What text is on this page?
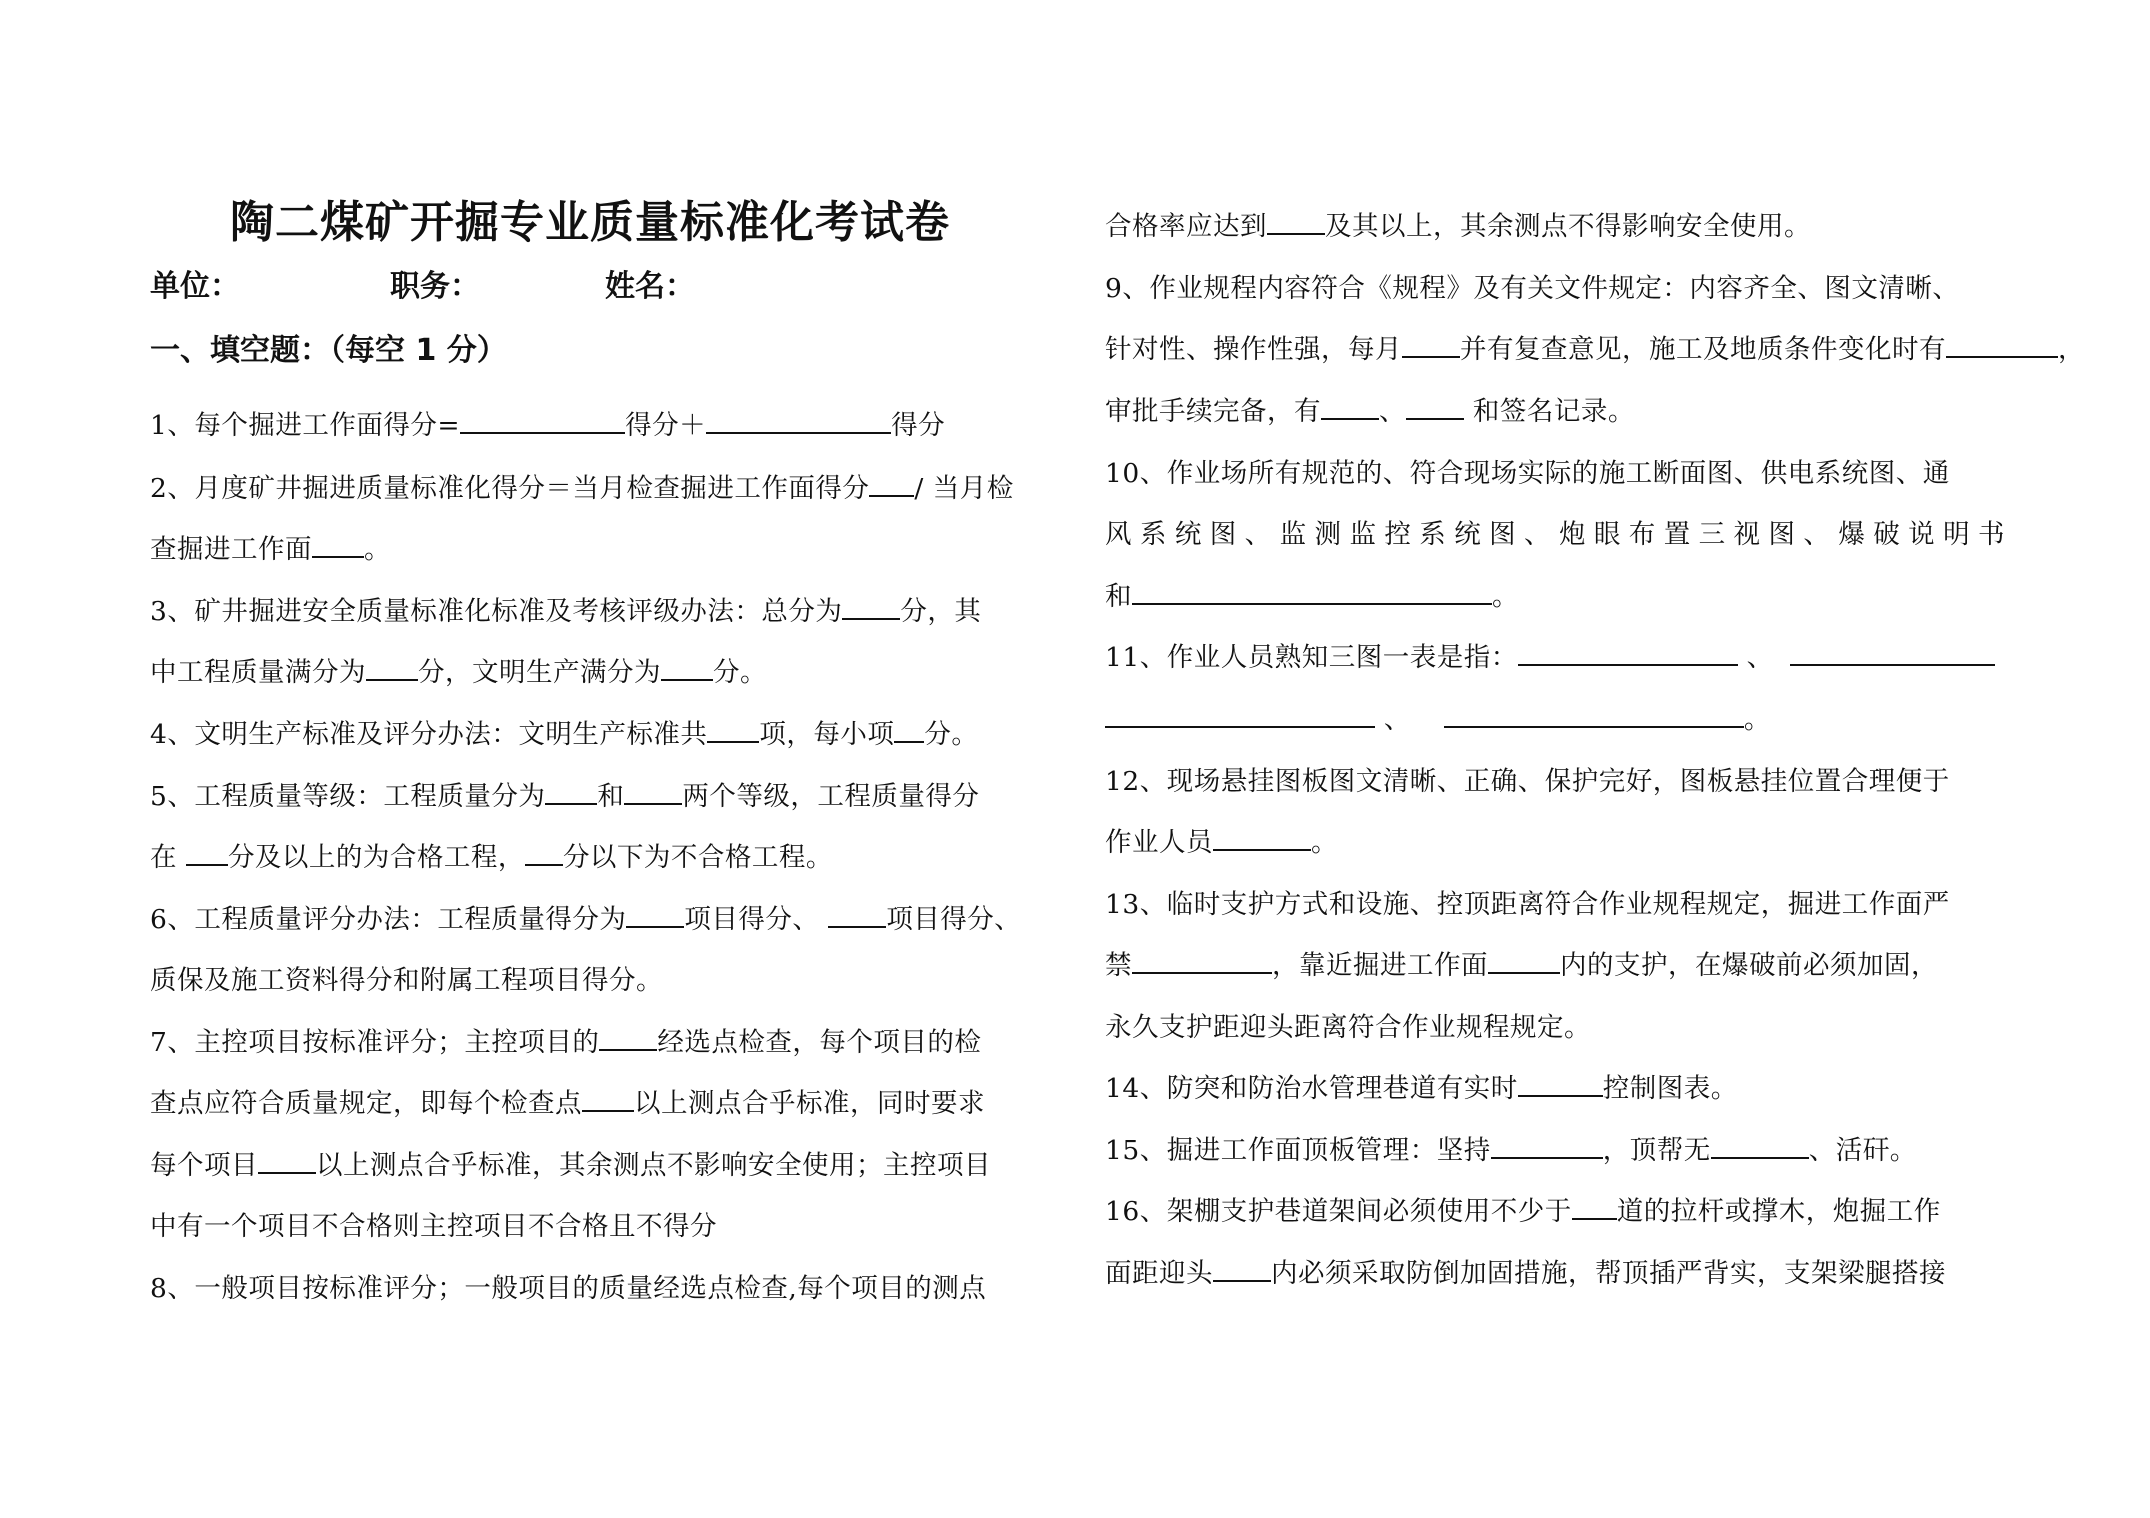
陶二煤矿开掘专业质量标准化考试卷
单位：	职务：	姓名：
一、填空题：（每空 1 分）
1、每个掘进工作面得分=	得分＋	得分
2、月度矿井掘进质量标准化得分＝当月检查掘进工作面得分 / 当月检
查掘进工作面 。
3、矿井掘进安全质量标准化标准及考核评级办法：总分为 分，其
中工程质量满分为 分，文明生产满分为 分。
4、文明生产标准及评分办法：文明生产标准共 项，每小项 分。
5、工程质量等级：工程质量分为 和 两个等级，工程质量得分
在 分及以上的为合格工程， 分以下为不合格工程。
6、工程质量评分办法：工程质量得分为 项目得分、 项目得分、
质保及施工资料得分和附属工程项目得分。
7、主控项目按标准评分；主控项目的 经选点检查，每个项目的检
查点应符合质量规定，即每个检查点 以上测点合乎标准，同时要求
每个项目 以上测点合乎标准，其余测点不影响安全使用；主控项目
中有一个项目不合格则主控项目不合格且不得分
8、一般项目按标准评分；一般项目的质量经选点检查,每个项目的测点
合格率应达到 及其以上，其余测点不得影响安全使用。
9、作业规程内容符合《规程》及有关文件规定：内容齐全、图文清晰、
针对性、操作性强，每月 并有复查意见，施工及地质条件变化时有	，
审批手续完备，有 、 和签名记录。
10、作业场所有规范的、符合现场实际的施工断面图、供电系统图、通
风系统图、监测监控系统图、炮眼布置三视图、爆破说明书
和	。
11、作业人员熟知三图一表是指：	、
、	。
12、现场悬挂图板图文清晰、正确、保护完好，图板悬挂位置合理便于
作业人员	。
13、临时支护方式和设施、控顶距离符合作业规程规定，掘进工作面严
禁	，靠近掘进工作面	内的支护，在爆破前必须加固，
永久支护距迎头距离符合作业规程规定。
14、防突和防治水管理巷道有实时	控制图表。
15、掘进工作面顶板管理：坚持	，顶帮无	、活矸。
16、架棚支护巷道架间必须使用不少于 道的拉杆或撑木，炮掘工作
面距迎头 内必须采取防倒加固措施，帮顶插严背实，支架梁腿搭接
